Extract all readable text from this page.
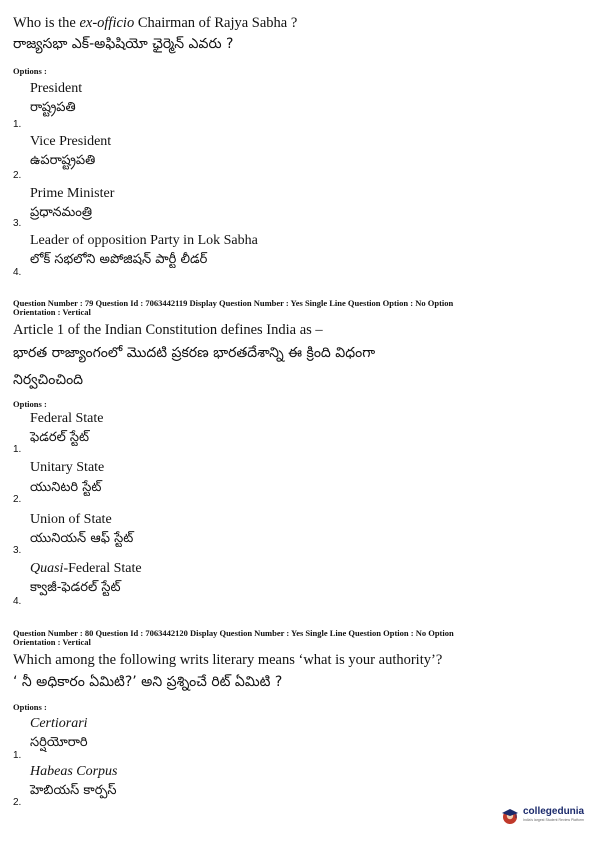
Who is the ex-officio Chairman of Rajya Sabha ?
రాజ్యసభా ఎక్-అఫిషియో ఛైర్మెన్ ఎవరు ?
Options :
President
రాష్ట్రపతి
1.
Vice President
ఉపరాష్ట్రపతి
2.
Prime Minister
ప్రధానమంత్రి
3.
Leader of opposition Party in Lok Sabha
లోక్ సభలోని అపోజిషన్ పార్టీ లీడర్
4.
Question Number : 79 Question Id : 7063442119 Display Question Number : Yes Single Line Question Option : No Option
Orientation : Vertical
Article 1 of the Indian Constitution defines India as –
భారత రాజ్యాంగంలో మొదటి ప్రకరణ భారతదేశాన్ని ఈ క్రింది విధంగా
నిర్వచించింది
Options :
Federal State
ఫెడరల్ స్టేట్
1.
Unitary State
యునిటరి స్టేట్
2.
Union of State
యునియన్ ఆఫ్ స్టేట్
3.
Quasi-Federal State
క్వాజీ-ఫెడరల్ స్టేట్
4.
Question Number : 80 Question Id : 7063442120 Display Question Number : Yes Single Line Question Option : No Option
Orientation : Vertical
Which among the following writs literary means ‘what is your authority’?
‘ నీ అధికారం ఏమిటి?’ అని ప్రశ్నించే రిట్ ఏమిటి ?
Options :
Certiorari
సర్షియోరారి
1.
Habeas Corpus
హెబియస్ కార్పస్
2.
collegedunia
India's largest Student Review Platform
